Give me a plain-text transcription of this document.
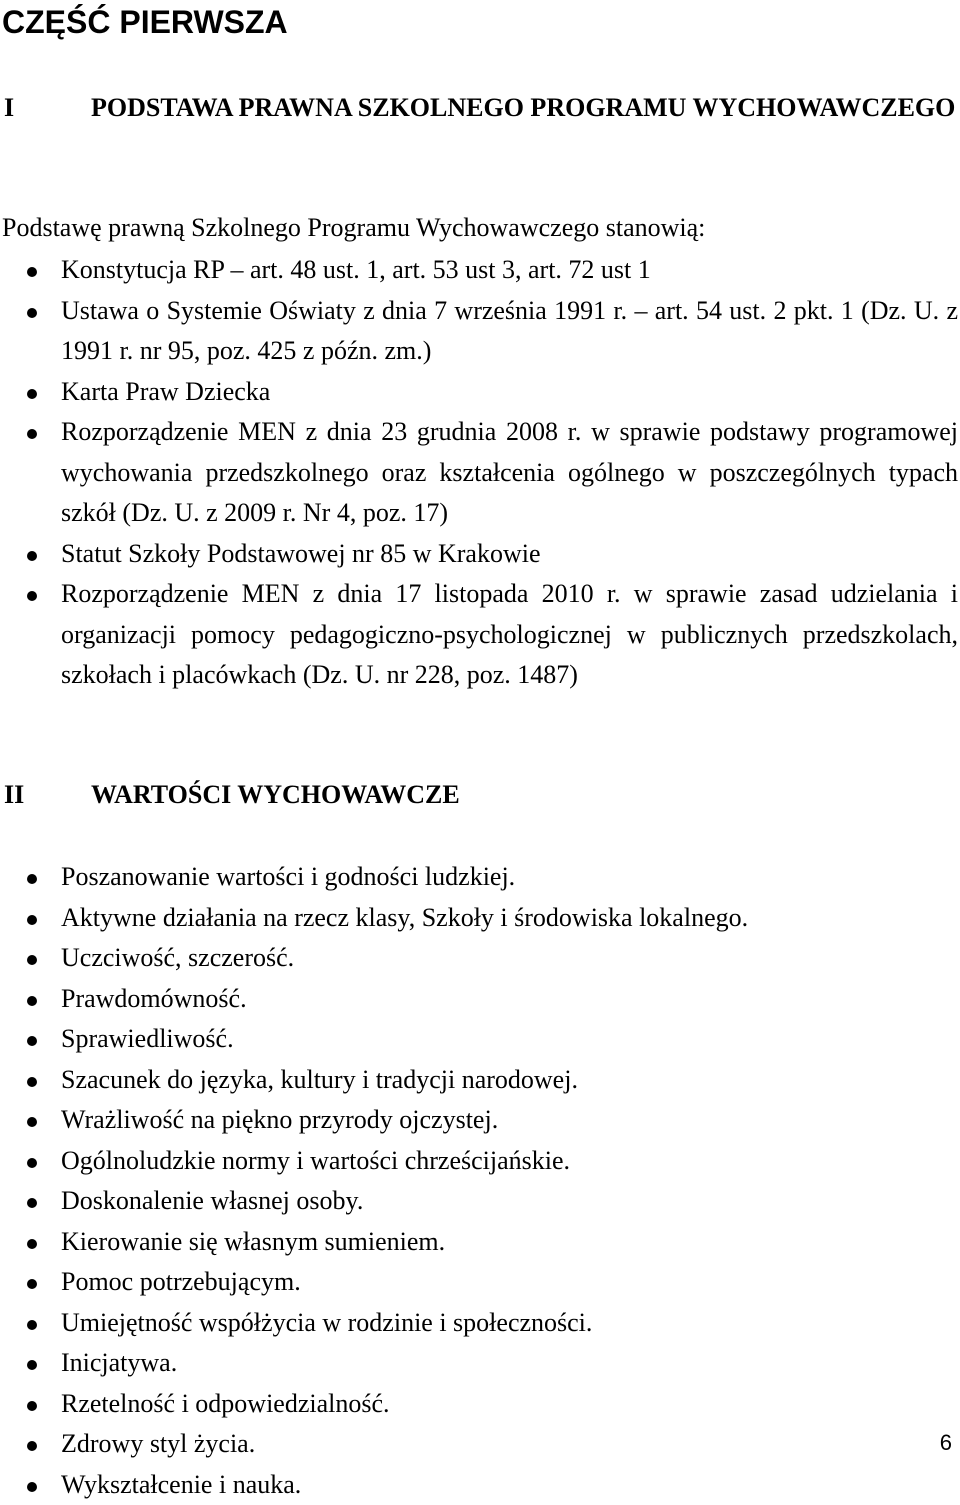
CZĘŚĆ PIERWSZA
I	PODSTAWA PRAWNA SZKOLNEGO PROGRAMU WYCHOWAWCZEGO

Podstawę prawną Szkolnego Programu Wychowawczego stanowią:

Konstytucja RP – art. 48 ust. 1, art. 53 ust 3, art. 72 ust 1
Ustawa o Systemie Oświaty z dnia 7 września 1991 r. – art. 54 ust. 2 pkt. 1 (Dz. U. z 1991 r. nr 95, poz. 425 z późn. zm.)
Karta Praw Dziecka
Rozporządzenie MEN z dnia 23 grudnia 2008 r. w sprawie podstawy programowej wychowania przedszkolnego oraz kształcenia ogólnego w poszczególnych typach szkół (Dz. U. z 2009 r. Nr 4, poz. 17)
Statut Szkoły Podstawowej nr 85 w Krakowie
Rozporządzenie MEN z dnia 17 listopada 2010 r. w sprawie zasad udzielania i organizacji pomocy pedagogiczno-psychologicznej w publicznych przedszkolach, szkołach i placówkach (Dz. U. nr 228, poz. 1487)
II	WARTOŚCI WYCHOWAWCZE
Poszanowanie wartości i godności ludzkiej.
Aktywne działania na rzecz klasy, Szkoły i środowiska lokalnego.
Uczciwość, szczerość.
Prawdomówność.
Sprawiedliwość.
Szacunek do języka, kultury i tradycji narodowej.
Wrażliwość na piękno przyrody ojczystej.
Ogólnoludzkie normy i wartości chrześcijańskie.
Doskonalenie własnej osoby.
Kierowanie się własnym sumieniem.
Pomoc potrzebującym.
Umiejętność współżycia w rodzinie i społeczności.
Inicjatywa.
Rzetelność i odpowiedzialność.
Zdrowy styl życia.
Wykształcenie i nauka.
6
